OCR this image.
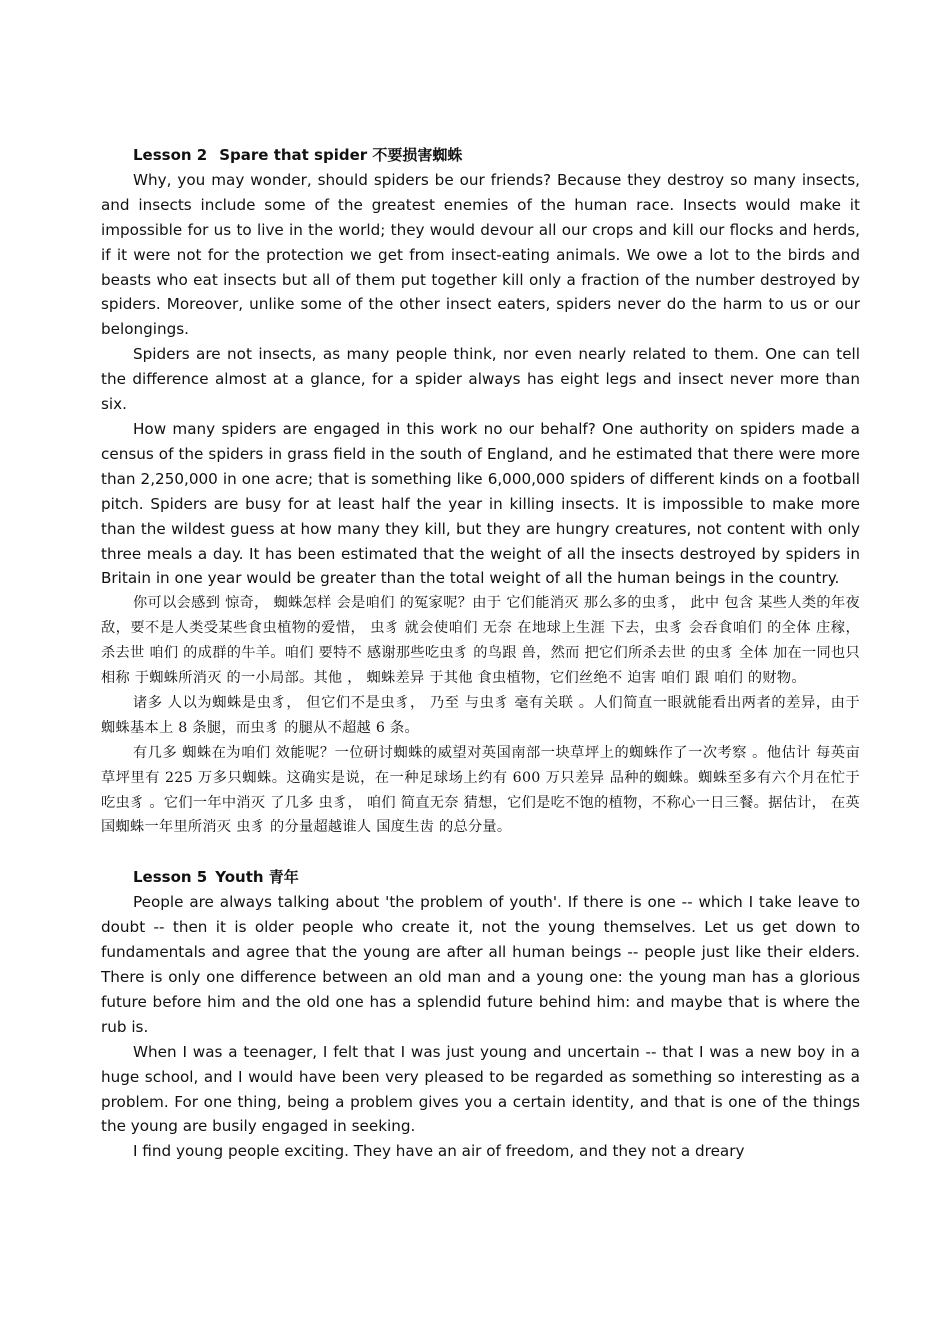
Lesson 2 Spare that spider 不要损害蜘蛛

Why, you may wonder, should spiders be our friends? Because they destroy so many insects, and insects include some of the greatest enemies of the human race. Insects would make it impossible for us to live in the world; they would devour all our crops and kill our flocks and herds, if it were not for the protection we get from insect-eating animals. We owe a lot to the birds and beasts who eat insects but all of them put together kill only a fraction of the number destroyed by spiders. Moreover, unlike some of the other insect eaters, spiders never do the harm to us or our belongings.

Spiders are not insects, as many people think, nor even nearly related to them. One can tell the difference almost at a glance, for a spider always has eight legs and insect never more than six.

How many spiders are engaged in this work no our behalf? One authority on spiders made a census of the spiders in grass field in the south of England, and he estimated that there were more than 2,250,000 in one acre; that is something like 6,000,000 spiders of different kinds on a football pitch. Spiders are busy for at least half the year in killing insects. It is impossible to make more than the wildest guess at how many they kill, but they are hungry creatures, not content with only three meals a day. It has been estimated that the weight of all the insects destroyed by spiders in Britain in one year would be greater than the total weight of all the human beings in the country.

你可以会感到 惊奇， 蜘蛛怎样 会是咱们 的冤家呢？由于 它们能消灭 那么多的虫豸， 此中 包含 某些人类的年夜 敌，要不是人类受某些食虫植物的爱惜， 虫豸 就会使咱们 无奈 在地球上生涯 下去，虫豸 会吞食咱们 的全体 庄稼，杀去世 咱们 的成群的牛羊。咱们 要特不 感谢那些吃虫豸 的鸟跟 兽，然而 把它们所杀去世 的虫豸 全体 加在一同也只相称 于蜘蛛所消灭 的一小局部。其他 ， 蜘蛛差异 于其他 食虫植物，它们丝绝不 迫害 咱们 跟 咱们 的财物。

诸多 人以为蜘蛛是虫豸， 但它们不是虫豸， 乃至 与虫豸 毫有关联 。人们简直一眼就能看出两者的差异，由于 蜘蛛基本上 8 条腿，而虫豸 的腿从不超越 6 条。

有几多 蜘蛛在为咱们 效能呢？一位研讨蜘蛛的威望对英国南部一块草坪上的蜘蛛作了一次考察 。他估计 每英亩草坪里有 225 万多只蜘蛛。这确实是说，在一种足球场上约有 600 万只差异 品种的蜘蛛。蜘蛛至多有六个月在忙于吃虫豸 。它们一年中消灭 了几多 虫豸， 咱们 简直无奈 猜想，它们是吃不饱的植物，不称心一日三餐。据估计， 在英国蜘蛛一年里所消灭 虫豸 的分量超越谁人 国度生齿 的总分量。

Lesson 5 Youth 青年

People are always talking about 'the problem of youth'. If there is one -- which I take leave to doubt -- then it is older people who create it, not the young themselves. Let us get down to fundamentals and agree that the young are after all human beings -- people just like their elders. There is only one difference between an old man and a young one: the young man has a glorious future before him and the old one has a splendid future behind him: and maybe that is where the rub is.

When I was a teenager, I felt that I was just young and uncertain -- that I was a new boy in a huge school, and I would have been very pleased to be regarded as something so interesting as a problem. For one thing, being a problem gives you a certain identity, and that is one of the things the young are busily engaged in seeking.

I find young people exciting. They have an air of freedom, and they not a dreary
